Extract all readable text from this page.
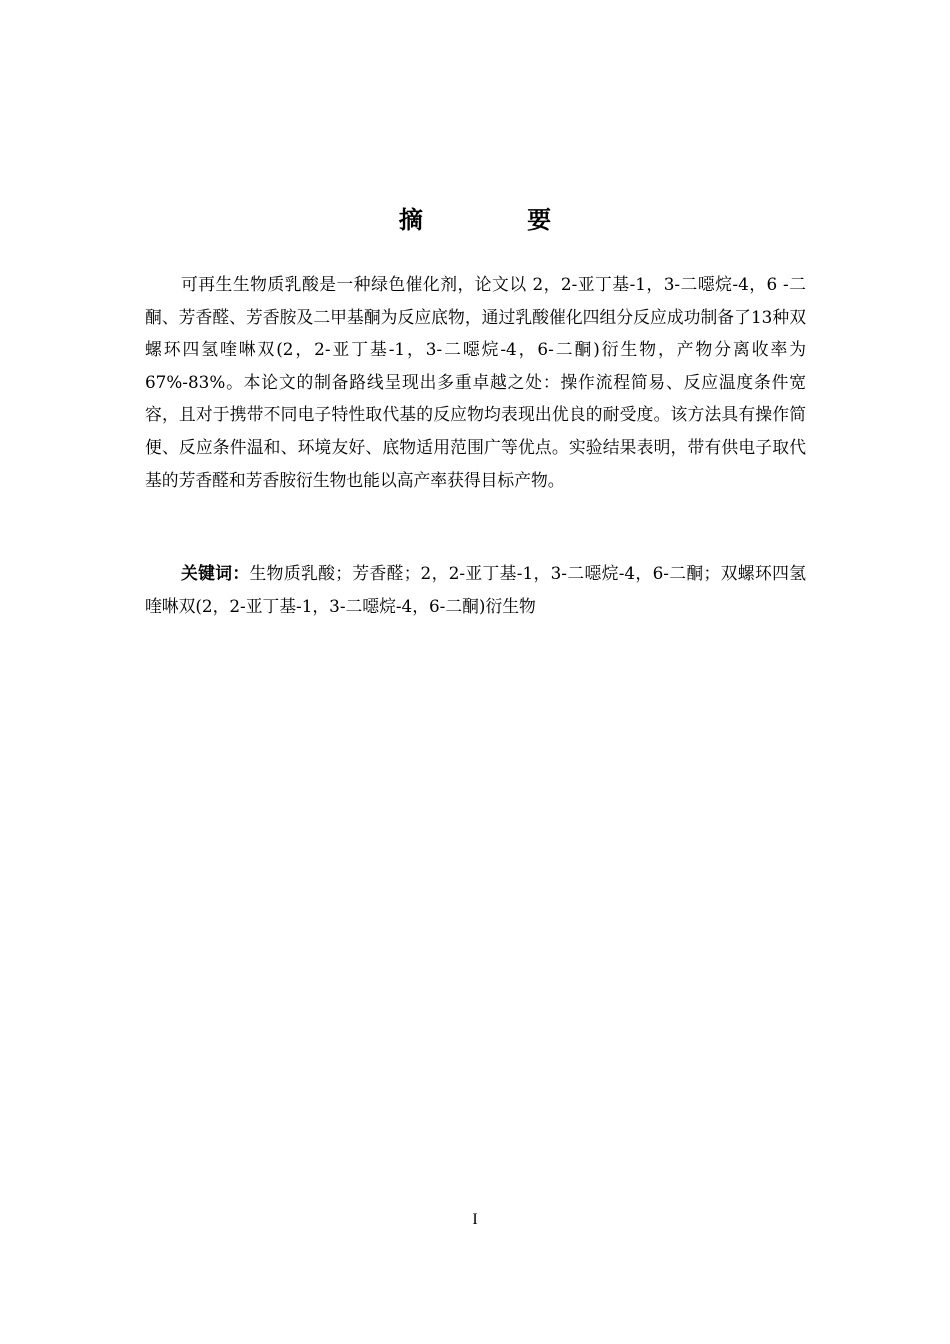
摘 要

可再生生物质乳酸是一种绿色催化剂，论文以 2，2-亚丁基-1，3-二噁烷-4，6 -二酮、芳香醛、芳香胺及二甲基酮为反应底物，通过乳酸催化四组分反应成功制备了13种双螺环四氢喹啉双(2，2-亚丁基-1，3-二噁烷-4，6-二酮)衍生物，产物分离收率为67%-83%。本论文的制备路线呈现出多重卓越之处：操作流程简易、反应温度条件宽容，且对于携带不同电子特性取代基的反应物均表现出优良的耐受度。该方法具有操作简便、反应条件温和、环境友好、底物适用范围广等优点。实验结果表明，带有供电子取代基的芳香醛和芳香胺衍生物也能以高产率获得目标产物。

关键词：生物质乳酸；芳香醛；2，2-亚丁基-1，3-二噁烷-4，6-二酮；双螺环四氢喹啉双(2，2-亚丁基-1，3-二噁烷-4，6-二酮)衍生物

I
